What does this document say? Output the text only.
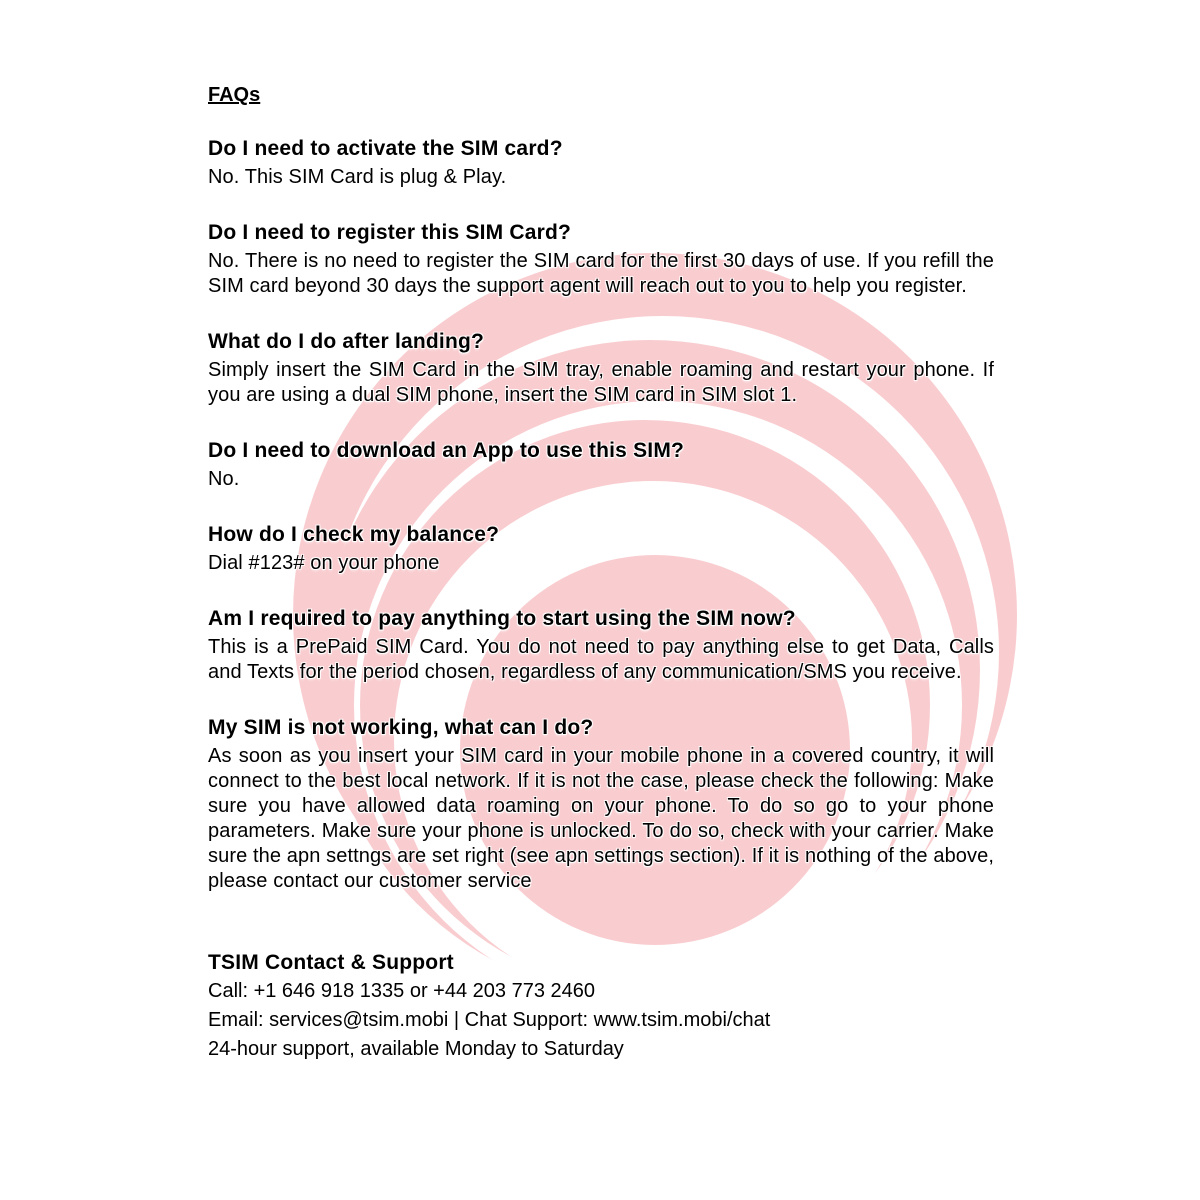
FAQs

Do I need to activate the SIM card?

No. This SIM Card is plug & Play.

Do I need to register this SIM Card?

No. There is no need to register the SIM card for the first 30 days of use. If you refill the SIM card beyond 30 days the support agent will reach out to you to help you register.

What do I do after landing?

Simply insert the SIM Card in the SIM tray, enable roaming and restart your phone. If you are using a dual SIM phone, insert the SIM card in SIM slot 1.

Do I need to download an App to use this SIM?

No.

How do I check my balance?

Dial #123# on your phone

Am I required to pay anything to start using the SIM now?

This is a PrePaid SIM Card. You do not need to pay anything else to get Data, Calls and Texts for the period chosen, regardless of any communication/SMS you receive.

My SIM is not working, what can I do?

As soon as you insert your SIM card in your mobile phone in a covered country, it will connect to the best local network. If it is not the case, please check the following: Make sure you have allowed data roaming on your phone. To do so go to your phone parameters. Make sure your phone is unlocked. To do so, check with your carrier. Make sure the apn settngs are set right (see apn settings section). If it is nothing of the above, please contact our customer service

TSIM Contact & Support

Call: +1 646 918 1335 or +44 203 773 2460

Email: services@tsim.mobi | Chat Support: www.tsim.mobi/chat

24-hour support, available Monday to Saturday
